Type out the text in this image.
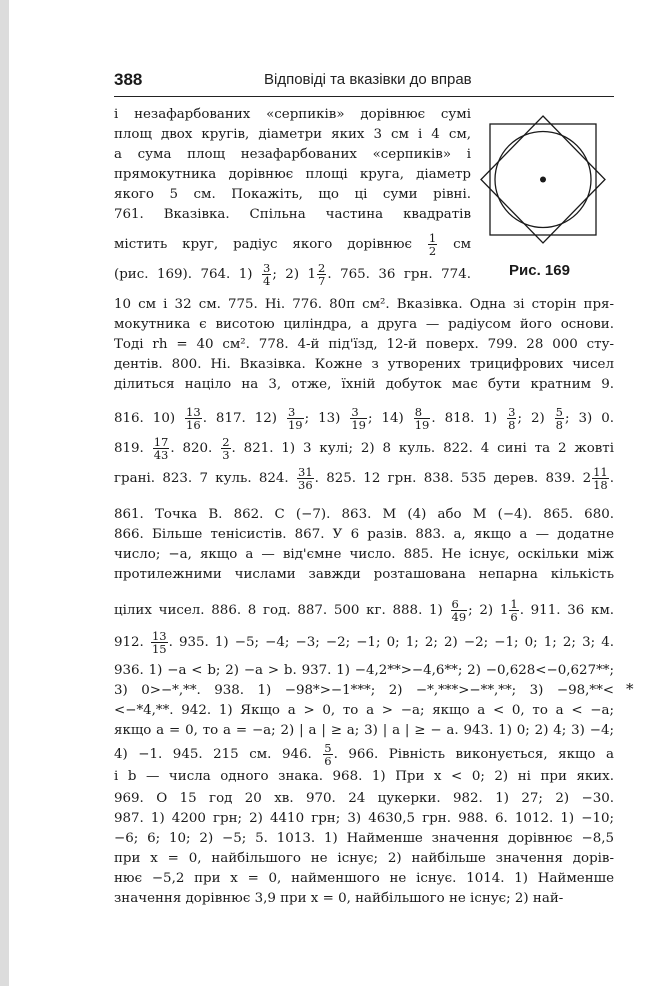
388	Відповіді та вказівки до вправ
Рис. 169
і незафарбованих «серпиків» дорівнює сумі
площ двох кругів, діаметри яких 3 см і 4 см,
а сума площ незафарбованих «серпиків» і
прямокутника дорівнює площі круга, діаметр
якого 5 см. Покажіть, що ці суми рівні.
761. Вказівка. Спільна частина квадратів
містить круг, радіус якого дорівнює $\frac{1}{2}$ см
(рис. 169). 764. $1) \frac{3}{4}$ ; 2) $1 \frac{2}{7}$ . 765. 36 грн. 774.
10 см і 32 см. 775. Ні. 776. 80π см². Вказівка. Одна зі сторін пря-
мокутника є висотою циліндра, а друга — радіусом його основи.
Тоді rh = 40 см². 778. 4-й під'їзд, 12-й поверх. 799. 28 000 сту-
дентів. 800. Ні. Вказівка. Кожне з утворених трицифрових чисел
ділиться націло на 3, отже, їхній добуток має бути кратним 9.
816. $10) \frac{13}{16}$ . 817. $12) \frac{3}{19}$ ; $13) \frac{3}{19}$ ; $14) \frac{8}{19}$ . 818. $1) \frac{3}{8}$ ; $2) \frac{5}{8}$ ; 3) 0.
819. $\frac{17}{43}$ . 820. $\frac{2}{3}$ . 821. 1) 3 кулі; 2) 8 куль. 822. 4 сині та 2 жовті
грані. 823. 7 куль. 824. $\frac{31}{36}$ . 825. 12 грн. 838. 535 дерев. 839. $2 \frac{11}{18}$ .
861. Точка B. 862. C (−7). 863. M (4) або M (−4). 865. 680.
866. Більше тенісистів. 867. У 6 разів. 883. a, якщо a — додатне
число; −a, якщо a — від'ємне число. 885. Не існує, оскільки між
протилежними числами завжди розташована непарна кількість
цілих чисел. 886. 8 год. 887. 500 кг. 888. $1) \frac{6}{49}$ ; 2) $1 \frac{1}{6}$ . 911. 36 км.
912. $\frac{13}{15}$ . 935. 1) −5; −4; −3; −2; −1; 0; 1; 2; 2) −2; −1; 0; 1; 2; 3; 4.
936. 1) −a < b; 2) −a > b. 937. 1) −4,2**>−4,6**; 2) −0,628<−0,627**;
3) 0>−*,**. 938. 1) −98*>−1***; 2) −*,***>−**,**; 3) −98,**<
<−*4,**. 942. 1) Якщо a > 0, то a > −a; якщо a < 0, то a < −a;
якщо a = 0, то a = −a; 2) | a | ≥ a; 3) | a | ≥ − a. 943. 1) 0; 2) 4; 3) −4;
4) −1. 945. 215 см. 946. $\frac{5}{6}$ . 966. Рівність виконується, якщо a
і b — числа одного знака. 968. 1) При x < 0; 2) ні при яких.
969. О 15 год 20 хв. 970. 24 цукерки. 982. 1) 27; 2) −30.
987. 1) 4200 грн; 2) 4410 грн; 3) 4630,5 грн. 988. 6. 1012. 1) −10;
−6; 6; 10; 2) −5; 5. 1013. 1) Найменше значення дорівнює −8,5
при x = 0, найбільшого не існує; 2) найбільше значення дорів-
нює −5,2 при x = 0, найменшого не існує. 1014. 1) Найменше
значення дорівнює 3,9 при x = 0, найбільшого не існує; 2) най-
*
